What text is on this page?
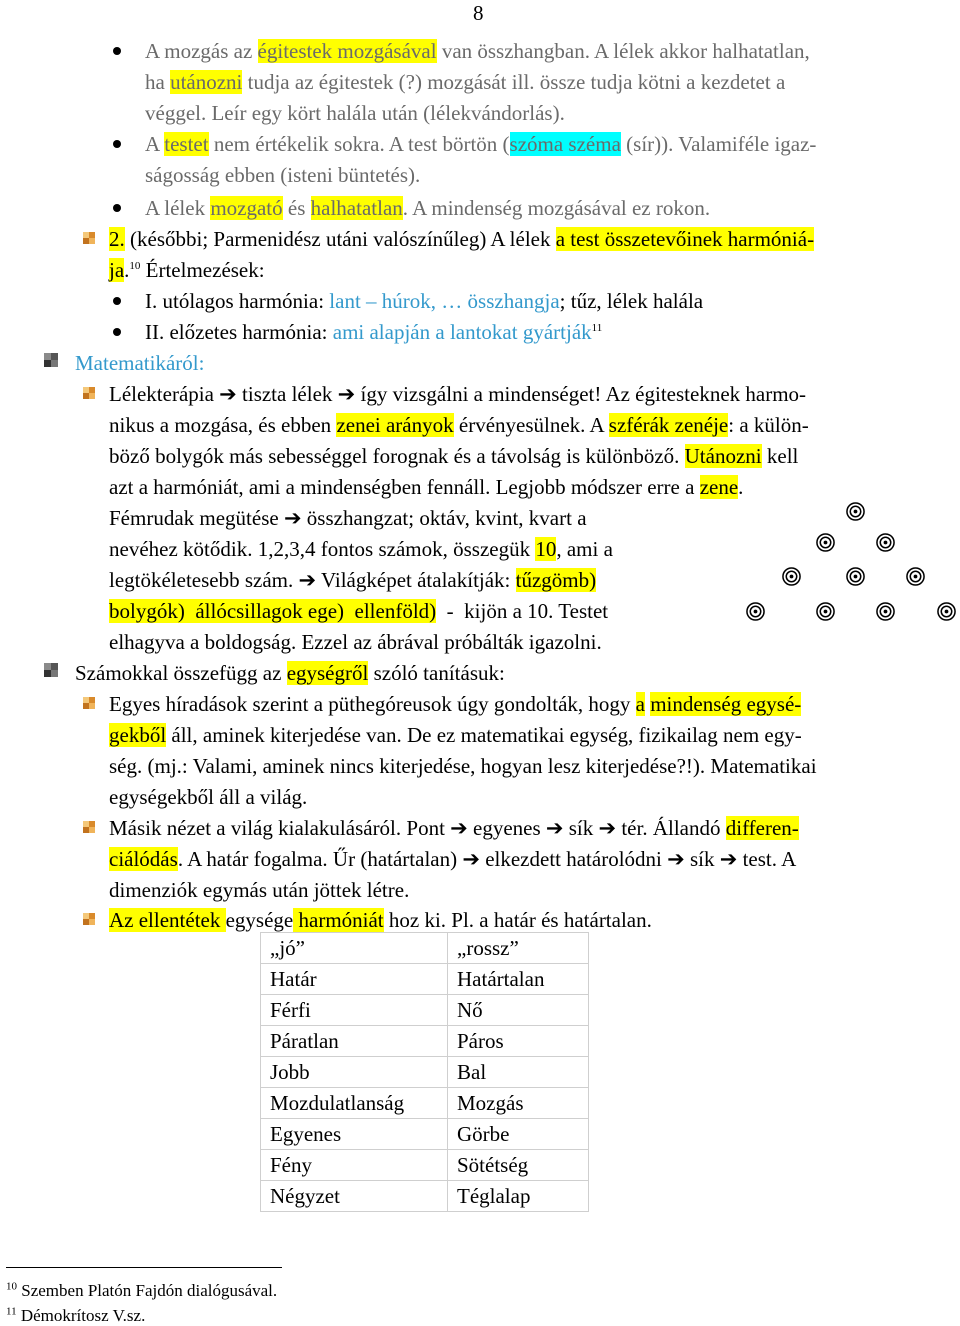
8
A mozgás az égitestek mozgásával van összhangban. A lélek akkor halhatatlan,
ha utánozni tudja az égitestek (?) mozgását ill. össze tudja kötni a kezdetet a
véggel. Leír egy kört halála után (lélekvándorlás).
A testet nem értékelik sokra. A test börtön (szóma széma (sír)). Valamiféle igaz-
ságosság ebben (isteni büntetés).
A lélek mozgató és halhatatlan. A mindenség mozgásával ez rokon.
2. (későbbi; Parmenidész utáni valószínűleg) A lélek a test összetevőinek harmóniá-
ja.$^{10}$ Értelmezések:
I. utólagos harmónia: lant – húrok, … összhangja; tűz, lélek halála
II. előzetes harmónia: ami alapján a lantokat gyártják$^{11}$
Matematikáról:
Lélekterápia ➔ tiszta lélek ➔ így vizsgálni a mindenséget! Az égitesteknek harmo-
nikus a mozgása, és ebben zenei arányok érvényesülnek. A szférák zenéje: a külön-
böző bolygók más sebességgel forognak és a távolság is különböző. Utánozni kell
azt a harmóniát, ami a mindenségben fennáll. Legjobb módszer erre a zene.
Fémrudak megütése ➔ összhangzat; oktáv, kvint, kvart a
nevéhez kötődik. 1,2,3,4 fontos számok, összegük 10, ami a
legtökéletesebb szám. ➔ Világképet átalakítják: tűzgömb)
bolygók)  állócsillagok ege)  ellenföld)  -  kijön a 10. Testet
elhagyva a boldogság. Ezzel az ábrával próbálták igazolni.
Számokkal összefügg az egységről szóló tanításuk:
Egyes híradások szerint a püthegóreusok úgy gondolták, hogy a mindenség egysé-
gekből áll, aminek kiterjedése van. De ez matematikai egység, fizikailag nem egy-
ség. (mj.: Valami, aminek nincs kiterjedése, hogyan lesz kiterjedése?!). Matematikai
egységekből áll a világ.
Másik nézet a világ kialakulásáról. Pont ➔ egyenes ➔ sík ➔ tér. Állandó differen-
ciálódás. A határ fogalma. Űr (határtalan) ➔ elkezdett határolódni ➔ sík ➔ test. A
dimenziók egymás után jöttek létre.
Az ellentétek egysége harmóniát hoz ki. Pl. a határ és határtalan.
„jó”	„rossz”
Határ	Határtalan
Férfi	Nő
Páratlan	Páros
Jobb	Bal
Mozdulatlanság	Mozgás
Egyenes	Görbe
Fény	Sötétség
Négyzet	Téglalap
$^{10}$ Szemben Platón Fajdón dialógusával.
$^{11}$ Démokrítosz V.sz.
